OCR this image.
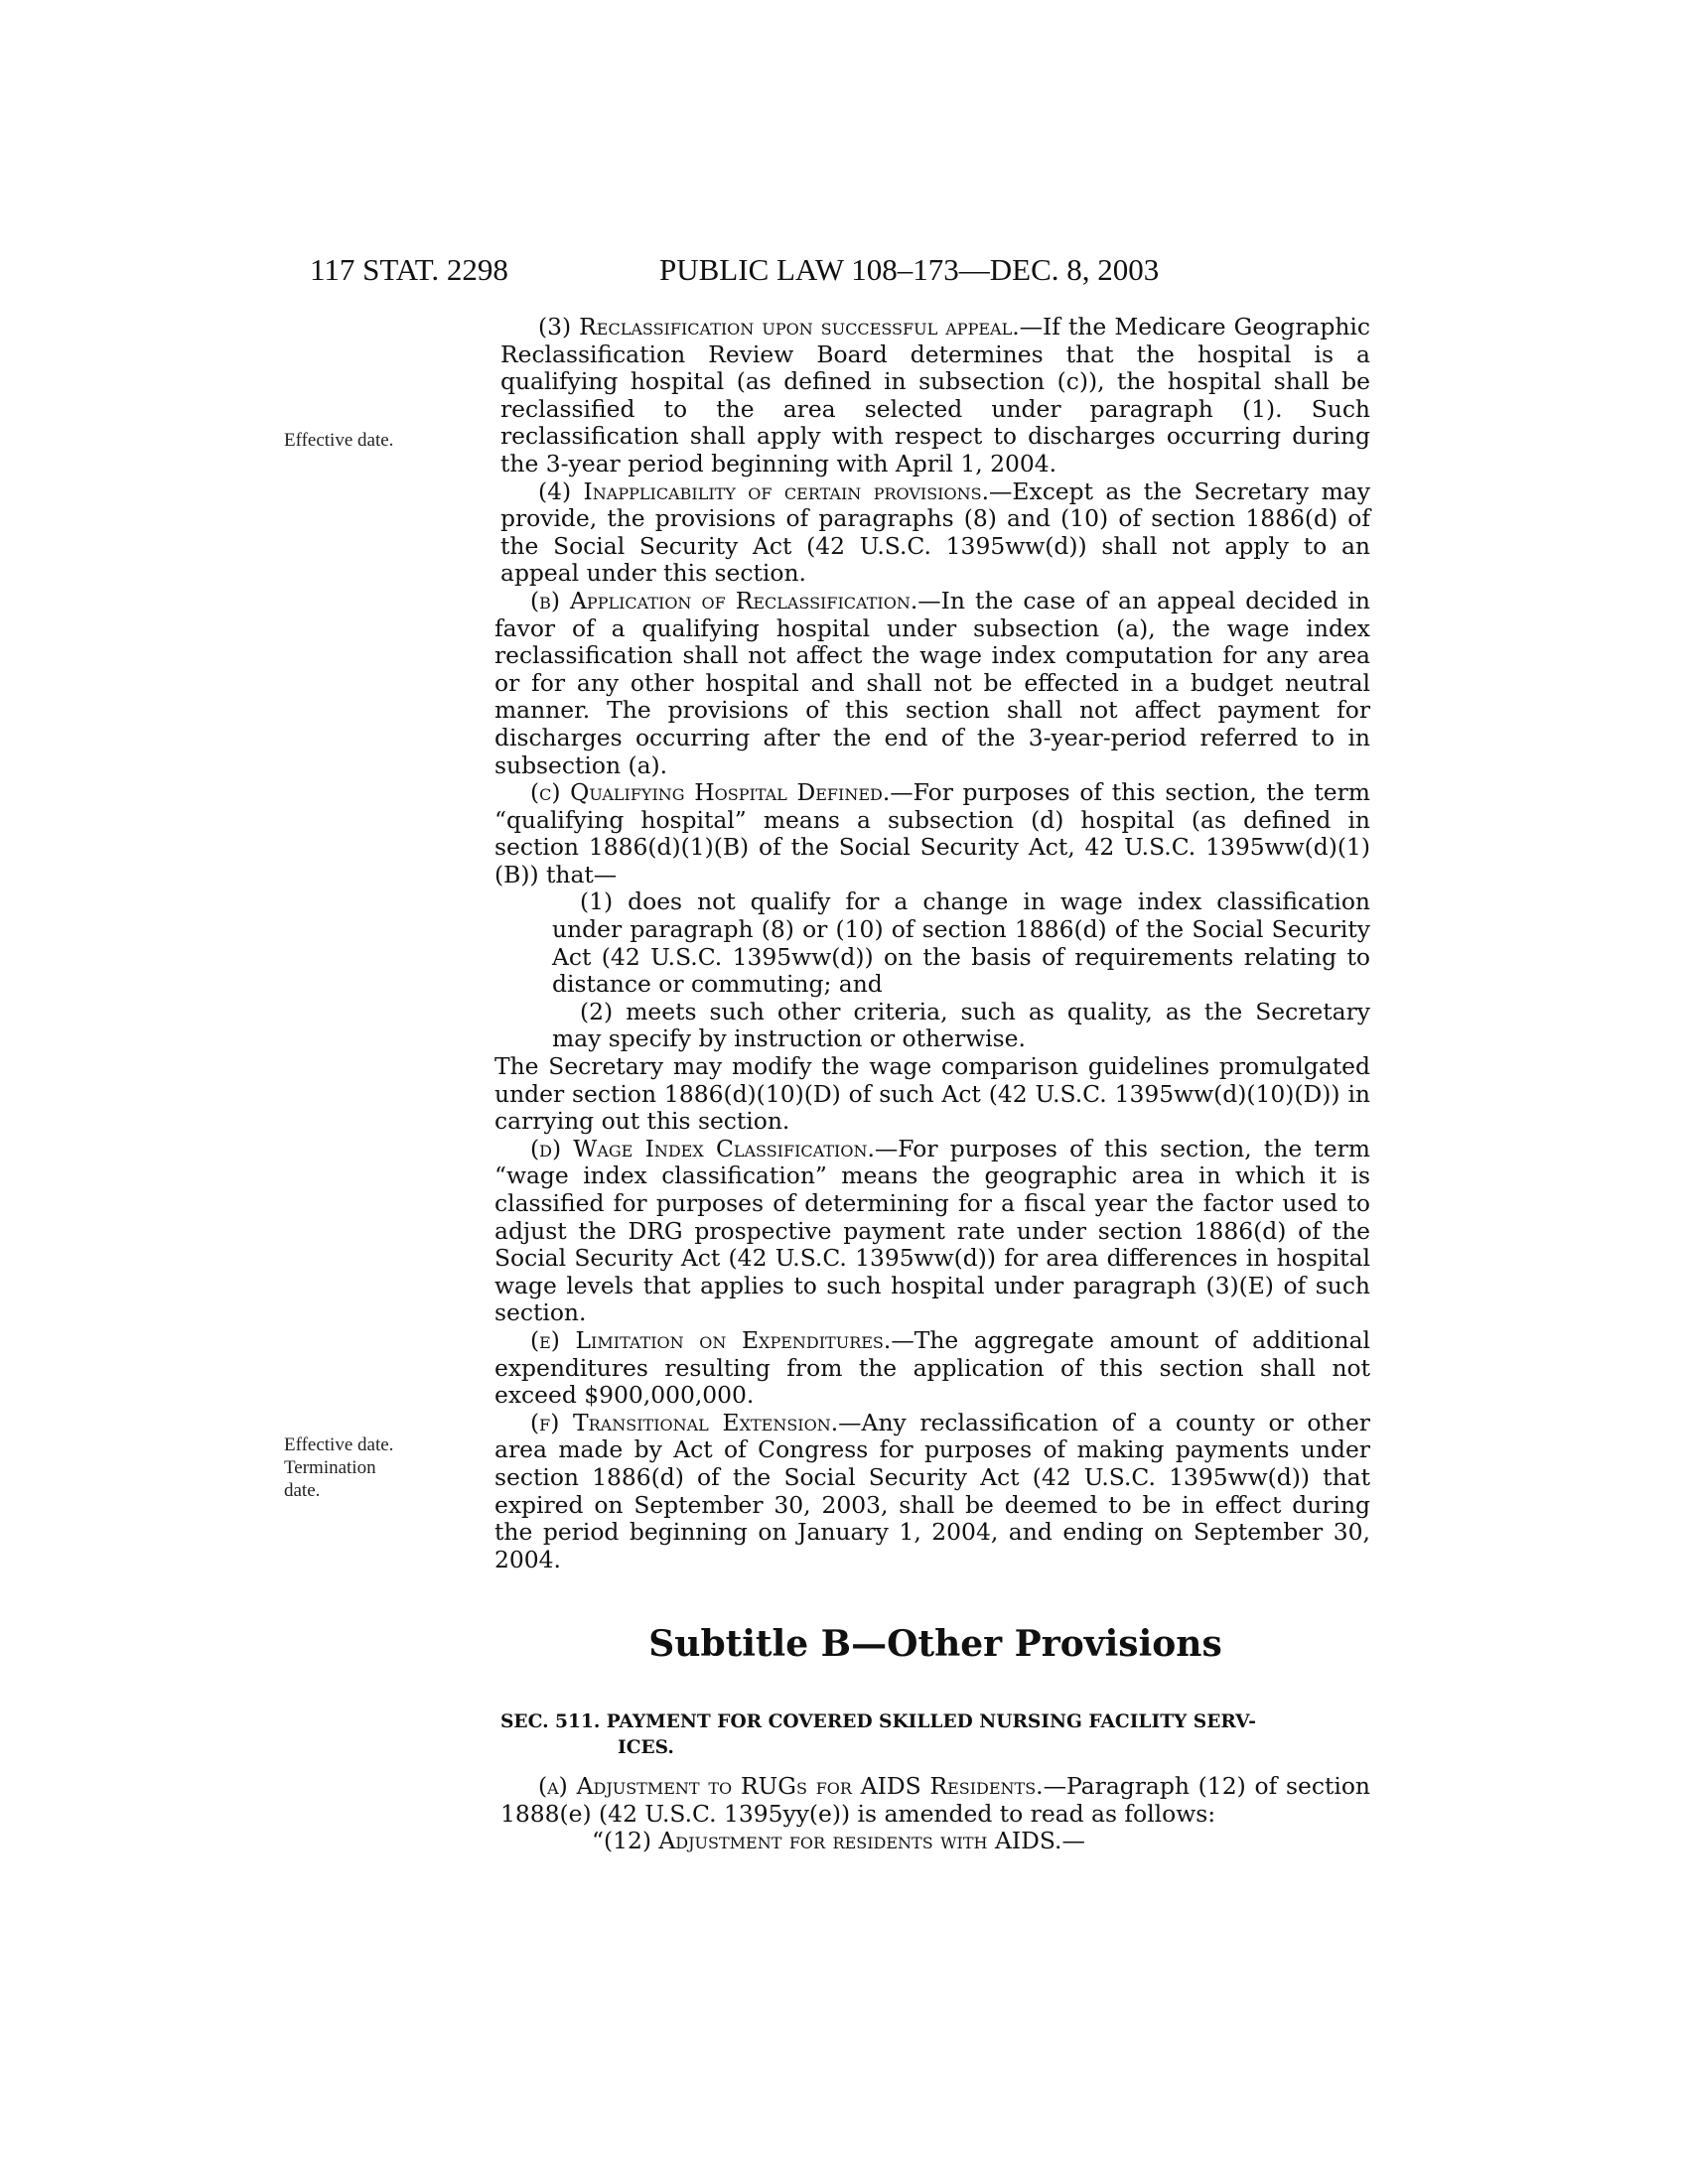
117 STAT. 2298	PUBLIC LAW 108–173—DEC. 8, 2003
Effective date.
Effective date.
Termination
date.

(3) Reclassification upon successful appeal.—If the Medicare Geographic Reclassification Review Board determines that the hospital is a qualifying hospital (as defined in subsection (c)), the hospital shall be reclassified to the area selected under paragraph (1). Such reclassification shall apply with respect to discharges occurring during the 3-year period beginning with April 1, 2004.

(4) Inapplicability of certain provisions.—Except as the Secretary may provide, the provisions of paragraphs (8) and (10) of section 1886(d) of the Social Security Act (42 U.S.C. 1395ww(d)) shall not apply to an appeal under this section.

(b) Application of Reclassification.—In the case of an appeal decided in favor of a qualifying hospital under subsection (a), the wage index reclassification shall not affect the wage index computation for any area or for any other hospital and shall not be effected in a budget neutral manner. The provisions of this section shall not affect payment for discharges occurring after the end of the 3-year-period referred to in subsection (a).

(c) Qualifying Hospital Defined.—For purposes of this section, the term “qualifying hospital” means a subsection (d) hospital (as defined in section 1886(d)(1)(B) of the Social Security Act, 42 U.S.C. 1395ww(d)(1)(B)) that—

(1) does not qualify for a change in wage index classification under paragraph (8) or (10) of section 1886(d) of the Social Security Act (42 U.S.C. 1395ww(d)) on the basis of requirements relating to distance or commuting; and

(2) meets such other criteria, such as quality, as the Secretary may specify by instruction or otherwise.

The Secretary may modify the wage comparison guidelines promulgated under section 1886(d)(10)(D) of such Act (42 U.S.C. 1395ww(d)(10)(D)) in carrying out this section.

(d) Wage Index Classification.—For purposes of this section, the term “wage index classification” means the geographic area in which it is classified for purposes of determining for a fiscal year the factor used to adjust the DRG prospective payment rate under section 1886(d) of the Social Security Act (42 U.S.C. 1395ww(d)) for area differences in hospital wage levels that applies to such hospital under paragraph (3)(E) of such section.

(e) Limitation on Expenditures.—The aggregate amount of additional expenditures resulting from the application of this section shall not exceed $900,000,000.

(f) Transitional Extension.—Any reclassification of a county or other area made by Act of Congress for purposes of making payments under section 1886(d) of the Social Security Act (42 U.S.C. 1395ww(d)) that expired on September 30, 2003, shall be deemed to be in effect during the period beginning on January 1, 2004, and ending on September 30, 2004.

Subtitle B—Other Provisions
SEC. 511. PAYMENT FOR COVERED SKILLED NURSING FACILITY SERV-
ICES.

(a) Adjustment to RUGs for AIDS Residents.—Paragraph (12) of section 1888(e) (42 U.S.C. 1395yy(e)) is amended to read as follows:

“(12) Adjustment for residents with AIDS.—
